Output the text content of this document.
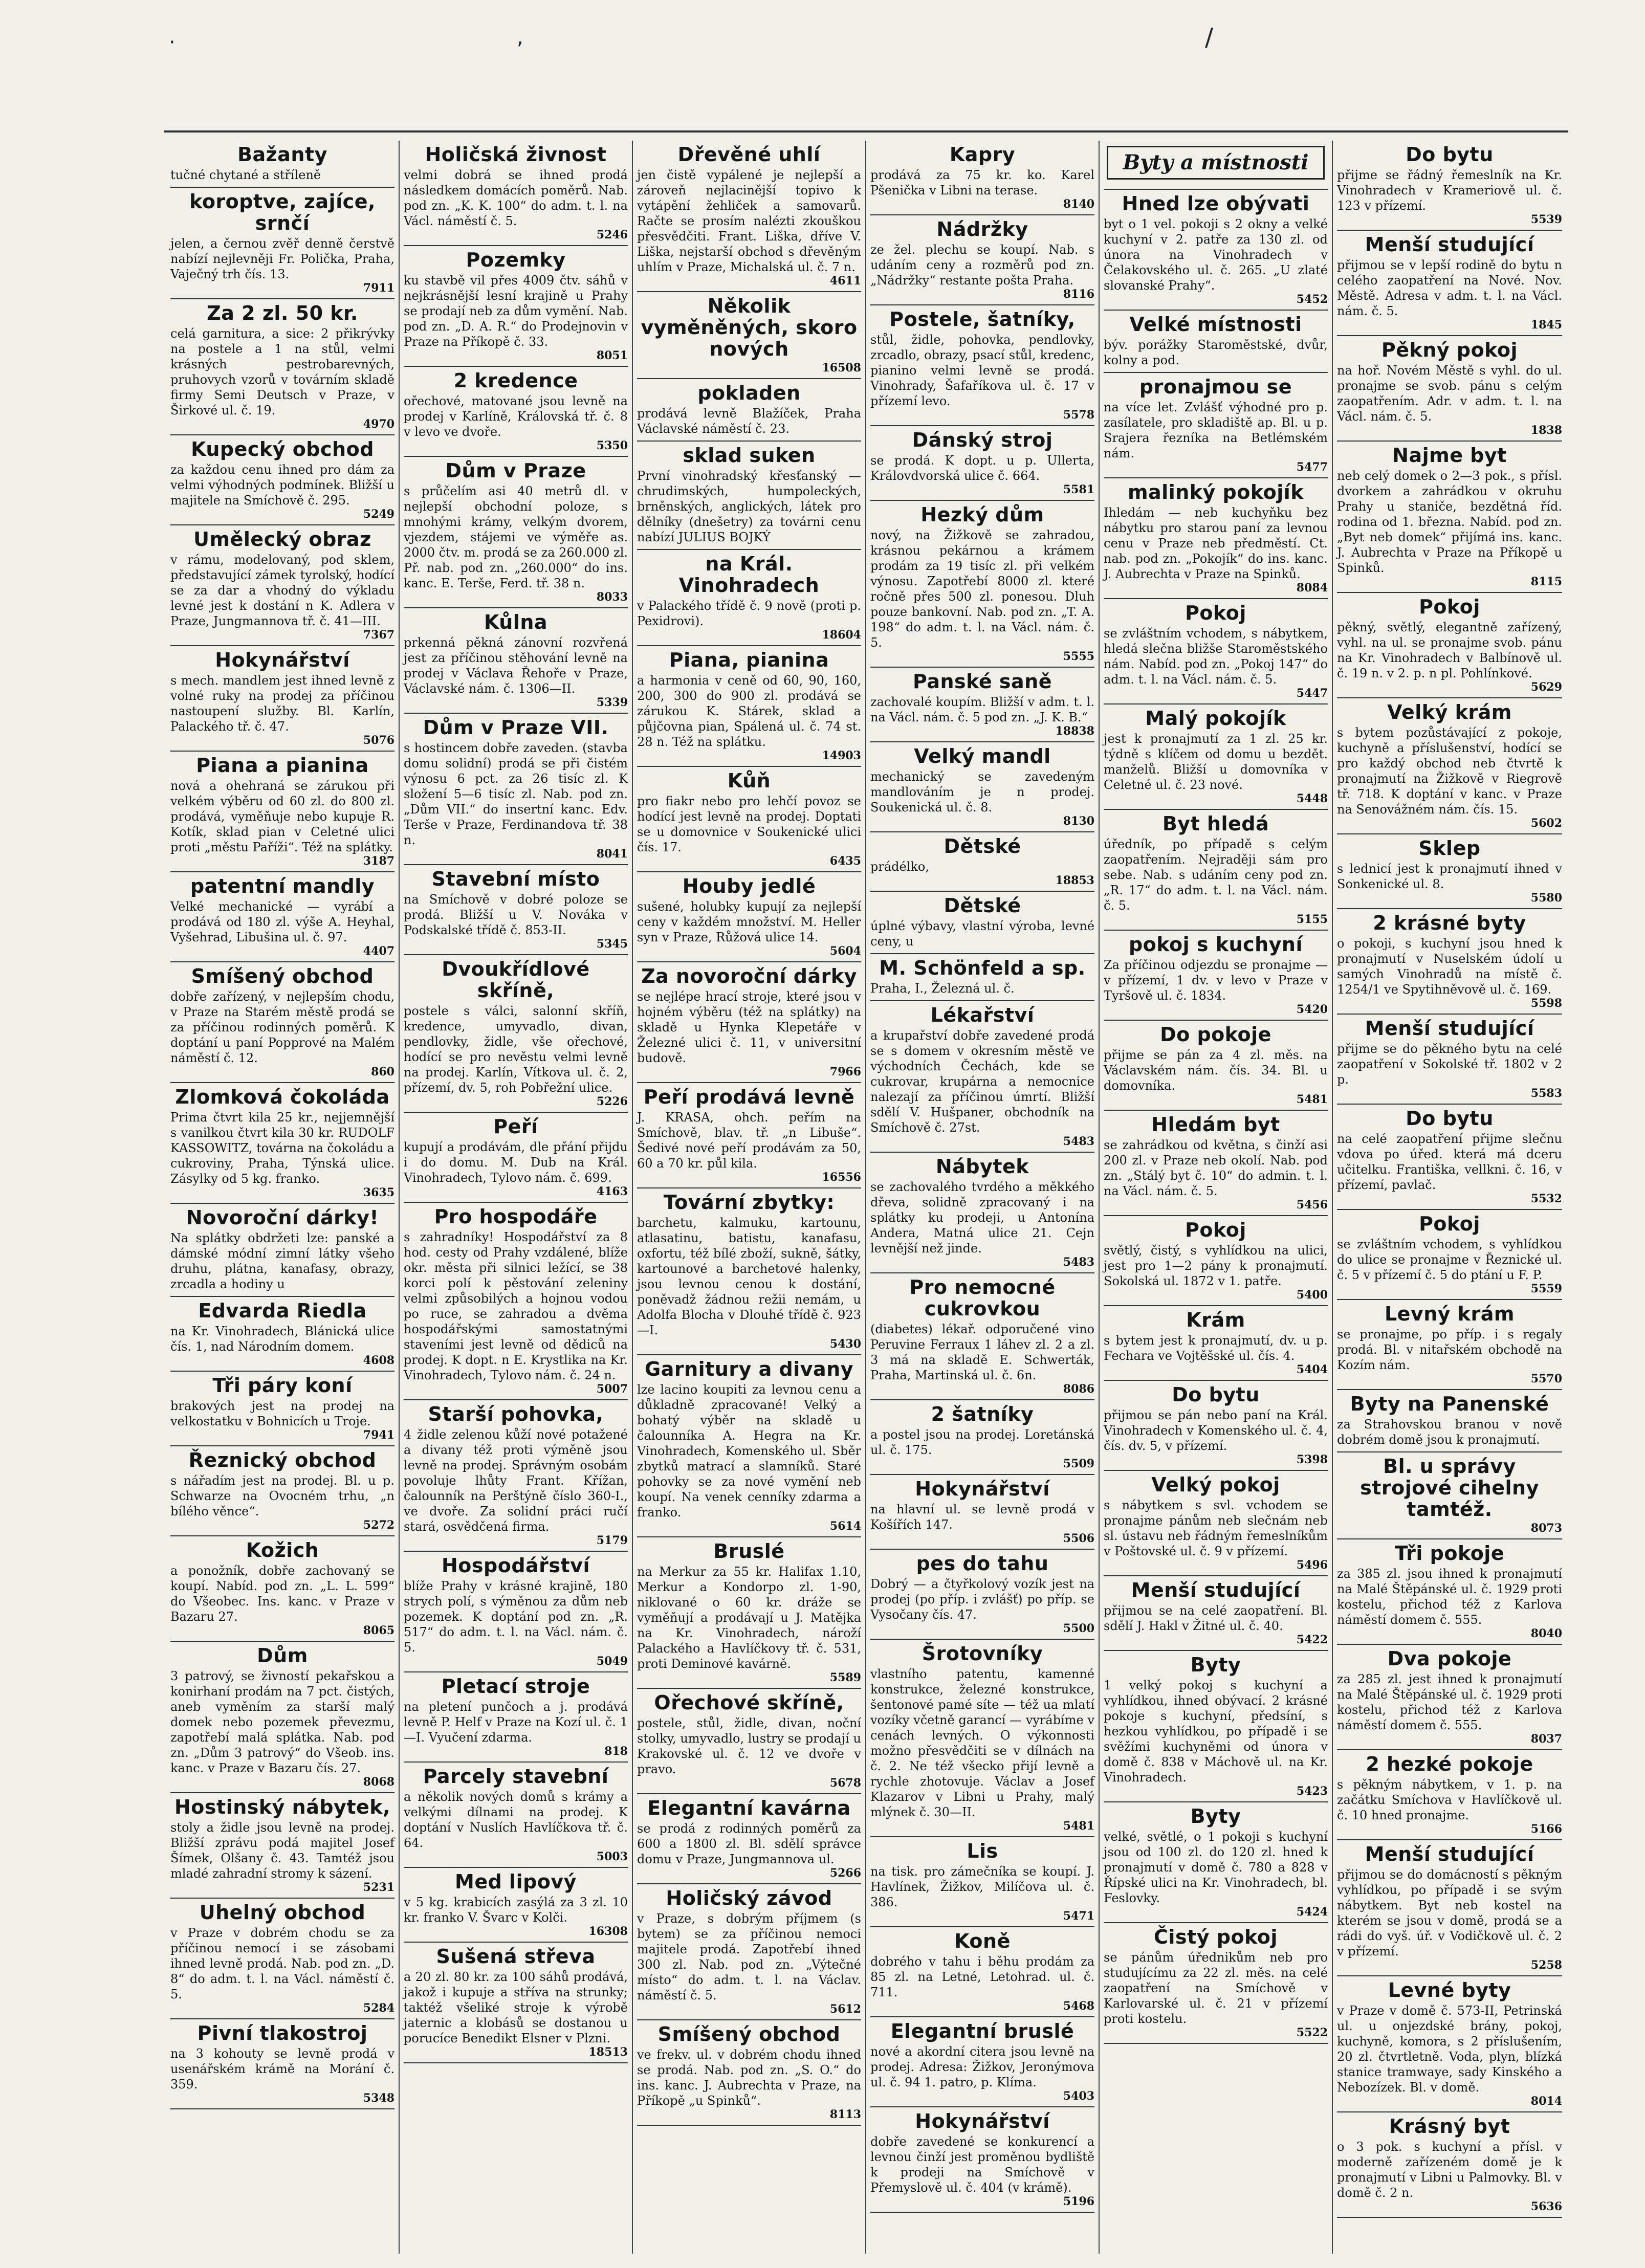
·	,	/
Bažanty

tučné chytané a stříleně

koroptve, zajíce, srnčí

jelen, a černou zvěř denně čerstvě nabízí nejlevněji Fr. Polička, Praha, Vaječný trh čís. 13.

7911
Za 2 zl. 50 kr.

celá garnitura, a sice: 2 přikrývky na postele a 1 na stůl, velmi krásných pestrobarevných, pruhovych vzorů v továrním skladě firmy Semi Deutsch v Praze, v Širkové ul. č. 19.

4970
Kupecký obchod

za každou cenu ihned pro dám za velmi výhodných podmínek. Bližší u majitele na Smíchově č. 295.

5249
Umělecký obraz

v rámu, modelovaný, pod sklem, představující zámek tyrolský, hodící se za dar a vhodný do výkladu levné jest k dostání n K. Adlera v Praze, Jungmannova tř. č. 41—III.

7367
Hokynářství

s mech. mandlem jest ihned levně z volné ruky na prodej za příčinou nastoupení služby. Bl. Karlín, Palackého tř. č. 47.

5076
Piana a pianina

nová a ohehraná se zárukou při velkém výběru od 60 zl. do 800 zl. prodává, vyměňuje nebo kupuje R. Kotík, sklad pian v Celetné ulici proti „městu Paříži“. Též na splátky.

3187
patentní mandly

Velké mechanické — vyrábí a prodává od 180 zl. výše A. Heyhal, Vyšehrad, Libušina ul. č. 97.

4407
Smíšený obchod

dobře zařízený, v nejlepším chodu, v Praze na Starém městě prodá se za příčinou rodinných poměrů. K doptání u paní Popprové na Malém náměstí č. 12.

860
Zlomková čokoláda

Prima čtvrt kila 25 kr., nejjemnější s vanilkou čtvrt kila 30 kr. RUDOLF KASSOWITZ, továrna na čokoládu a cukroviny, Praha, Týnská ulice. Zásylky od 5 kg. franko.

3635
Novoroční dárky!

Na splátky obdržeti lze: panské a dámské módní zimní látky všeho druhu, plátna, kanafasy, obrazy, zrcadla a hodiny u

Edvarda Riedla

na Kr. Vinohradech, Blánická ulice čís. 1, nad Národním domem.

4608
Tři páry koní

brakových jest na prodej na velkostatku v Bohnicích u Troje.

7941
Řeznický obchod

s nářadím jest na prodej. Bl. u p. Schwarze na Ovocném trhu, „n bílého věnce“.

5272
Kožich

a ponožník, dobře zachovaný se koupí. Nabíd. pod zn. „L. L. 599“ do Všeobec. Ins. kanc. v Praze v Bazaru 27.

8065
Dům

3 patrový, se živností pekařskou a konirhaní prodám na 7 pct. čistých, aneb vyměním za starší malý domek nebo pozemek převezmu, zapotřebí malá splátka. Nab. pod zn. „Dům 3 patrový“ do Všeob. ins. kanc. v Praze v Bazaru čís. 27.

8068
Hostinský nábytek,

stoly a židle jsou levně na prodej. Bližší zprávu podá majitel Josef Šímek, Olšany č. 43. Tamtéž jsou mladé zahradní stromy k sázení.

5231
Uhelný obchod

v Praze v dobrém chodu se za příčinou nemocí i se zásobami ihned levně prodá. Nab. pod zn. „D. 8“ do adm. t. l. na Václ. náměstí č. 5.

5284
Pivní tlakostroj

na 3 kohouty se levně prodá v usenářském krámě na Morání č. 359.

5348
Holičská živnost

velmi dobrá se ihned prodá následkem domácích poměrů. Nab. pod zn. „K. K. 100“ do adm. t. l. na Václ. náměstí č. 5.

5246
Pozemky

ku stavbě vil přes 4009 čtv. sáhů v nejkrásnější lesní krajině u Prahy se prodají neb za dům vymění. Nab. pod zn. „D. A. R.“ do Prodejnovin v Praze na Příkopě č. 33.

8051
2 kredence

ořechové, matované jsou levně na prodej v Karlíně, Královská tř. č. 8 v levo ve dvoře.

5350
Dům v Praze

s průčelím asi 40 metrů dl. v nejlepší obchodní poloze, s mnohými krámy, velkým dvorem, vjezdem, stájemi ve výměře as. 2000 čtv. m. prodá se za 260.000 zl. Př. nab. pod zn. „260.000“ do ins. kanc. E. Terše, Ferd. tř. 38 n.

8033
Kůlna

prkenná pěkná zánovní rozvřená jest za příčinou stěhování levně na prodej v Václava Řehoře v Praze, Václavské nám. č. 1306—II.

5339
Dům v Praze VII.

s hostincem dobře zaveden. (stavba domu solidní) prodá se při čistém výnosu 6 pct. za 26 tisíc zl. K složení 5—6 tisíc zl. Nab. pod zn. „Dům VII.“ do insertní kanc. Edv. Terše v Praze, Ferdinandova tř. 38 n.

8041
Stavební místo

na Smíchově v dobré poloze se prodá. Bližší u V. Nováka v Podskalské třídě č. 853-II.

5345
Dvoukřídlové skříně,

postele s válci, salonní skříň, kredence, umyvadlo, divan, pendlovky, židle, vše ořechové, hodící se pro nevěstu velmi levně na prodej. Karlín, Vítkova ul. č. 2, přízemí, dv. 5, roh Pobřežní ulice.

5226
Peří

kupují a prodávám, dle přání přijdu i do domu. M. Dub na Král. Vinohradech, Tylovo nám. č. 699.

4163
Pro hospodáře

s zahradníky! Hospodářství za 8 hod. cesty od Prahy vzdálené, blíže okr. města při silnici ležící, se 38 korci polí k pěstování zeleniny velmi způsobilých a hojnou vodou po ruce, se zahradou a dvěma hospodářskými samostatnými staveními jest levně od dědiců na prodej. K dopt. n E. Krystlika na Kr. Vinohradech, Tylovo nám. č. 24 n.

5007
Starší pohovka,

4 židle zelenou kůží nové potažené a divany též proti výměně jsou levně na prodej. Správným osobám povoluje lhůty Frant. Křížan, čalounník na Perštýně číslo 360-I., ve dvoře. Za solidní práci ručí stará, osvědčená firma.

5179
Hospodářství

blíže Prahy v krásné krajině, 180 strych polí, s výměnou za dům neb pozemek. K doptání pod zn. „R. 517“ do adm. t. l. na Václ. nám. č. 5.

5049
Pletací stroje

na pletení punčoch a j. prodává levně P. Helf v Praze na Kozí ul. č. 1—I. Vyučení zdarma.

818
Parcely stavební

a několik nových domů s krámy a velkými dílnami na prodej. K doptání v Nuslích Havlíčkova tř. č. 64.

5003
Med lipový

v 5 kg. krabicích zasýlá za 3 zl. 10 kr. franko V. Švarc v Kolči.

16308
Sušená střeva

a 20 zl. 80 kr. za 100 sáhů prodává, jakož i kupuje a stříva na strunky; taktéž všeliké stroje k výrobě jaternic a klobásů se dostanou u porucíce Benedikt Elsner v Plzni.

18513
Dřevěné uhlí

jen čistě vypálené je nejlepší a zároveň nejlacinější topivo k vytápění žehliček a samovarů. Račte se prosím nalézti zkouškou přesvědčiti. Frant. Liška, dříve V. Liška, nejstarší obchod s dřevěným uhlím v Praze, Michalská ul. č. 7 n.

4611
Několik vyměněných, skoro nových
16508
pokladen

prodává levně Blažíček, Praha Václavské náměstí č. 23.

sklad suken

První vinohradský křesťanský — chrudimských, humpoleckých, brněnských, anglických, látek pro dělníky (dnešetry) za továrni cenu nabízí JULIUS BOJKÝ

na Král. Vinohradech

v Palackého třídě č. 9 nově (proti p. Pexidrovi).

18604
Piana, pianina

a harmonia v ceně od 60, 90, 160, 200, 300 do 900 zl. prodává se zárukou K. Stárek, sklad a půjčovna pian, Spálená ul. č. 74 st. 28 n. Též na splátku.

14903
Kůň

pro fiakr nebo pro lehčí povoz se hodící jest levně na prodej. Doptati se u domovnice v Soukenické ulici čís. 17.

6435
Houby jedlé

sušené, holubky kupují za nejlepší ceny v každém množství. M. Heller syn v Praze, Růžová ulice 14.

5604
Za novoroční dárky

se nejlépe hrací stroje, které jsou v hojném výběru (též na splátky) na skladě u Hynka Klepetáře v Železné ulici č. 11, v universitní budově.

7966
Peří prodává levně

J. KRASA, ohch. peřím na Smíchově, blav. tř. „n Libuše“. Šedivé nové peří prodávám za 50, 60 a 70 kr. půl kila.

16556
Tovární zbytky:

barchetu, kalmuku, kartounu, atlasatinu, batistu, kanafasu, oxfortu, též bílé zboží, sukně, šátky, kartounové a barchetové halenky, jsou levnou cenou k dostání, poněvadž žádnou režii nemám, u Adolfa Blocha v Dlouhé třídě č. 923—I.

5430
Garnitury a divany

lze lacino koupiti za levnou cenu a důkladně zpracované! Velký a bohatý výběr na skladě u čalounníka A. Hegra na Kr. Vinohradech, Komenského ul. Sběr zbytků matrací a slamníků. Staré pohovky se za nové vymění neb koupí. Na venek cenníky zdarma a franko.

5614
Bruslé

na Merkur za 55 kr. Halifax 1.10, Merkur a Kondorpo zl. 1-90, niklované o 60 kr. dráže se vyměňují a prodávají u J. Matějka na Kr. Vinohradech, nároží Palackého a Havlíčkovy tř. č. 531, proti Deminové kavárně.

5589
Ořechové skříně,

postele, stůl, židle, divan, noční stolky, umyvadlo, lustry se prodají u Krakovské ul. č. 12 ve dvoře v pravo.

5678
Elegantní kavárna

se prodá z rodinných poměrů za 600 a 1800 zl. Bl. sdělí správce domu v Praze, Jungmannova ul.

5266
Holičský závod

v Praze, s dobrým příjmem (s bytem) se za příčinou nemoci majitele prodá. Zapotřebí ihned 300 zl. Nab. pod zn. „Výtečné místo“ do adm. t. l. na Václav. náměstí č. 5.

5612
Smíšený obchod

ve frekv. ul. v dobrém chodu ihned se prodá. Nab. pod zn. „S. O.“ do ins. kanc. J. Aubrechta v Praze, na Příkopě „u Spinků“.

8113
Kapry

prodává za 75 kr. ko. Karel Pšenička v Libni na terase.

8140
Nádržky

ze žel. plechu se koupí. Nab. s udáním ceny a rozměrů pod zn. „Nádržky“ restante pošta Praha.

8116
Postele, šatníky,

stůl, židle, pohovka, pendlovky, zrcadlo, obrazy, psací stůl, kredenc, pianino velmi levně se prodá. Vinohrady, Šafaříkova ul. č. 17 v přízemí levo.

5578
Dánský stroj

se prodá. K dopt. u p. Ullerta, Královdvorská ulice č. 664.

5581
Hezký dům

nový, na Žižkově se zahradou, krásnou pekárnou a krámem prodám za 19 tisíc zl. při velkém výnosu. Zapotřebí 8000 zl. které ročně přes 500 zl. ponesou. Dluh pouze bankovní. Nab. pod zn. „T. A. 198“ do adm. t. l. na Václ. nám. č. 5.

5555
Panské saně

zachovalé koupím. Bližší v adm. t. l. na Václ. nám. č. 5 pod zn. „J. K. B.“

18838
Velký mandl

mechanický se zavedeným mandlováním je n prodej. Soukenická ul. č. 8.

8130
Dětské

prádélko,

18853
Dětské

úplné výbavy, vlastní výroba, levné ceny, u

M. Schönfeld a sp.

Praha, I., Železná ul. č.

Lékařství

a krupařství dobře zavedené prodá se s domem v okresním městě ve východních Čechách, kde se cukrovar, krupárna a nemocnice nalezají za příčinou úmrtí. Bližší sdělí V. Hušpaner, obchodník na Smíchově č. 27st.

5483
Nábytek

se zachovalého tvrdého a měkkého dřeva, solidně zpracovaný i na splátky ku prodeji, u Antonína Andera, Matná ulice 21. Cejn levnější než jinde.

5483
Pro nemocné cukrovkou

(diabetes) lékař. odporučené vino Peruvine Ferraux 1 láhev zl. 2 a zl. 3 má na skladě E. Schwerták, Praha, Martinská ul. č. 6n.

8086
2 šatníky

a postel jsou na prodej. Loretánská ul. č. 175.

5509
Hokynářství

na hlavní ul. se levně prodá v Košířích 147.

5506
pes do tahu

Dobrý — a čtyřkolový vozík jest na prodej (po příp. i zvlášť) po příp. se Vysočany čís. 47.

5500
Šrotovníky

vlastního patentu, kamenné konstrukce, železné konstrukce, šentonové pamé síte — též ua mlatí vozíky včetně garancí — vyrábíme v cenách levných. O výkonnosti možno přesvědčiti se v dílnách na č. 2. Ne též všecko přijí levně a rychle zhotovuje. Václav a Josef Klazarov v Libni u Prahy, malý mlýnek č. 30—II.

5481
Lis

na tisk. pro zámečníka se koupí. J. Havlínek, Žižkov, Milíčova ul. č. 386.

5471
Koně

dobrého v tahu i běhu prodám za 85 zl. na Letné, Letohrad. ul. č. 711.

5468
Elegantní bruslé

nové a akordní citera jsou levně na prodej. Adresa: Žižkov, Jeronýmova ul. č. 94 1. patro, p. Klíma.

5403
Hokynářství

dobře zavedené se konkurencí a levnou činží jest proměnou bydliště k prodeji na Smíchově v Přemyslově ul. č. 404 (v krámě).

5196
Byty a místnosti
Hned lze obývati

byt o 1 vel. pokoji s 2 okny a velké kuchyní v 2. patře za 130 zl. od února na Vinohradech v Čelakovského ul. č. 265. „U zlaté slovanské Prahy“.

5452
Velké místnosti

býv. porážky Staroměstské, dvůr, kolny a pod.

pronajmou se

na více let. Zvlášť výhodné pro p. zasílatele, pro skladiště ap. Bl. u p. Srajera řezníka na Betlémském nám.

5477
malinký pokojík

Ihledám — neb kuchyňku bez nábytku pro starou paní za levnou cenu v Praze neb předměstí. Ct. nab. pod zn. „Pokojík“ do ins. kanc. J. Aubrechta v Praze na Spinků.

8084
Pokoj

se zvláštním vchodem, s nábytkem, hledá slečna bližše Staroměstského nám. Nabíd. pod zn. „Pokoj 147“ do adm. t. l. na Václ. nám. č. 5.

5447
Malý pokojík

jest k pronajmutí za 1 zl. 25 kr. týdně s klíčem od domu u bezdět. manželů. Bližší u domovníka v Celetné ul. č. 23 nové.

5448
Byt hledá

úředník, po případě s celým zaopatřením. Nejraději sám pro sebe. Nab. s udáním ceny pod zn. „R. 17“ do adm. t. l. na Václ. nám. č. 5.

5155
pokoj s kuchyní

Za příčinou odjezdu se pronajme — v přízemí, 1 dv. v levo v Praze v Tyršově ul. č. 1834.

5420
Do pokoje

přijme se pán za 4 zl. měs. na Václavském nám. čís. 34. Bl. u domovníka.

5481
Hledám byt

se zahrádkou od května, s činží asi 200 zl. v Praze neb okolí. Nab. pod zn. „Stálý byt č. 10“ do admin. t. l. na Václ. nám. č. 5.

5456
Pokoj

světlý, čistý, s vyhlídkou na ulici, jest pro 1—2 pány k pronajmutí. Sokolská ul. 1872 v 1. patře.

5400
Krám

s bytem jest k pronajmutí, dv. u p. Fechara ve Vojtěšské ul. čís. 4.

5404
Do bytu

přijmou se pán nebo paní na Král. Vinohradech v Komenského ul. č. 4, čís. dv. 5, v přízemí.

5398
Velký pokoj

s nábytkem s svl. vchodem se pronajme pánům neb slečnám neb sl. ústavu neb řádným řemeslníkům v Poštovské ul. č. 9 v přízemí.

5496
Menší studující

přijmou se na celé zaopatření. Bl. sdělí J. Hakl v Žitné ul. č. 40.

5422
Byty

1 velký pokoj s kuchyní a vyhlídkou, ihned obývací. 2 krásné pokoje s kuchyní, předsíní, s hezkou vyhlídkou, po případě i se svěžími kuchyněmi od února v domě č. 838 v Máchově ul. na Kr. Vinohradech.

5423
Byty

velké, světlé, o 1 pokoji s kuchyní jsou od 100 zl. do 120 zl. hned k pronajmutí v domě č. 780 a 828 v Řípské ulici na Kr. Vinohradech, bl. Feslovky.

5424
Čistý pokoj

se pánům úřednikům neb pro studujícímu za 22 zl. měs. na celé zaopatření na Smíchově v Karlovarské ul. č. 21 v přízemí proti kostelu.

5522
Do bytu

přijme se řádný řemeslník na Kr. Vinohradech v Krameriově ul. č. 123 v přízemí.

5539
Menší studující

přijmou se v lepší rodině do bytu n celého zaopatření na Nové. Nov. Městě. Adresa v adm. t. l. na Václ. nám. č. 5.

1845
Pěkný pokoj

na hoř. Novém Městě s vyhl. do ul. pronajme se svob. pánu s celým zaopatřením. Adr. v adm. t. l. na Václ. nám. č. 5.

1838
Najme byt

neb celý domek o 2—3 pok., s přísl. dvorkem a zahrádkou v okruhu Prahy u staniče, bezdětná říd. rodina od 1. března. Nabíd. pod zn. „Byt neb domek“ přijímá ins. kanc. J. Aubrechta v Praze na Příkopě u Spinků.

8115
Pokoj

pěkný, světlý, elegantně zařízený, vyhl. na ul. se pronajme svob. pánu na Kr. Vinohradech v Balbínově ul. č. 19 n. v 2. p. n pl. Pohlínkové.

5629
Velký krám

s bytem pozůstávající z pokoje, kuchyně a příslušenství, hodící se pro každý obchod neb čtvrtě k pronajmutí na Žižkově v Riegrově tř. 718. K doptání v kanc. v Praze na Senovážném nám. čís. 15.

5602
Sklep

s lednicí jest k pronajmutí ihned v Sonkenické ul. 8.

5580
2 krásné byty

o pokoji, s kuchyní jsou hned k pronajmutí v Nuselském údolí u samých Vinohradů na místě č. 1254/1 ve Spytihněvově ul. č. 169.

5598
Menší studující

přijme se do pěkného bytu na celé zaopatření v Sokolské tř. 1802 v 2 p.

5583
Do bytu

na celé zaopatření přijme slečnu vdova po úřed. která má dceru učitelku. Františka, vellkni. č. 16, v přízemí, pavlač.

5532
Pokoj

se zvláštním vchodem, s vyhlídkou do ulice se pronajme v Řeznické ul. č. 5 v přízemí č. 5 do ptání u F. P.

5559
Levný krám

se pronajme, po příp. i s regaly prodá. Bl. v nitařském obchodě na Kozím nám.

5570
Byty na Panenské

za Strahovskou branou v nově dobrém domě jsou k pronajmutí.

Bl. u správy strojové cihelny tamtéž.
8073
Tři pokoje

za 385 zl. jsou ihned k pronajmutí na Malé Štěpánské ul. č. 1929 proti kostelu, přichod též z Karlova náměstí domem č. 555.

8040
Dva pokoje

za 285 zl. jest ihned k pronajmutí na Malé Štěpánské ul. č. 1929 proti kostelu, přichod též z Karlova náměstí domem č. 555.

8037
2 hezké pokoje

s pěkným nábytkem, v 1. p. na začátku Smíchova v Havlíčkově ul. č. 10 hned pronajme.

5166
Menší studující

přijmou se do domácností s pěkným vyhlídkou, po případě i se svým nábytkem. Byt neb kostel na kterém se jsou v domě, prodá se a rádi do vyš. úř. v Vodičkově ul. č. 2 v přízemí.

5258
Levné byty

v Praze v domě č. 573-II, Petrinská ul. u onjezdské brány, pokoj, kuchyně, komora, s 2 příslušením, 20 zl. čtvrtletně. Voda, plyn, blízká stanice tramwaye, sady Kinského a Nebozízek. Bl. v domě.

8014
Krásný byt

o 3 pok. s kuchyní a přísl. v moderně zařízeném domě je k pronajmutí v Libni u Palmovky. Bl. v domě č. 2 n.

5636
